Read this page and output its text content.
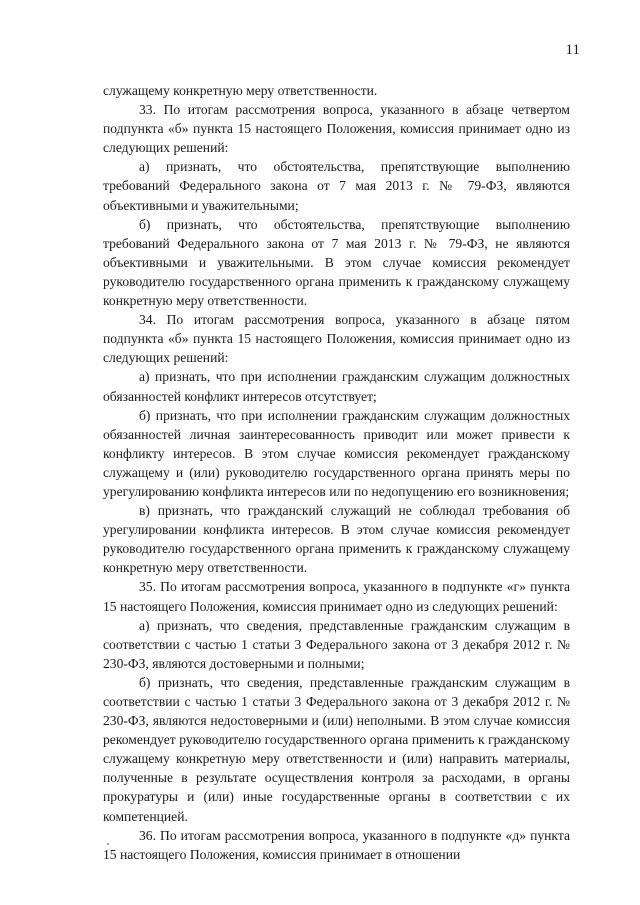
11

служащему конкретную меру ответственности.

33. По итогам рассмотрения вопроса, указанного в абзаце четвертом подпункта «б» пункта 15 настоящего Положения, комиссия принимает одно из следующих решений:

а) признать, что обстоятельства, препятствующие выполнению требований Федерального закона от 7 мая 2013 г. № 79-ФЗ, являются объективными и уважительными;

б) признать, что обстоятельства, препятствующие выполнению требований Федерального закона от 7 мая 2013 г. № 79-ФЗ, не являются объективными и уважительными. В этом случае комиссия рекомендует руководителю государственного органа применить к гражданскому служащему конкретную меру ответственности.

34. По итогам рассмотрения вопроса, указанного в абзаце пятом подпункта «б» пункта 15 настоящего Положения, комиссия принимает одно из следующих решений:

а) признать, что при исполнении гражданским служащим должностных обязанностей конфликт интересов отсутствует;

б) признать, что при исполнении гражданским служащим должностных обязанностей личная заинтересованность приводит или может привести к конфликту интересов. В этом случае комиссия рекомендует гражданскому служащему и (или) руководителю государственного органа принять меры по урегулированию конфликта интересов или по недопущению его возникновения;

в) признать, что гражданский служащий не соблюдал требования об урегулировании конфликта интересов. В этом случае комиссия рекомендует руководителю государственного органа применить к гражданскому служащему конкретную меру ответственности.

35. По итогам рассмотрения вопроса, указанного в подпункте «г» пункта 15 настоящего Положения, комиссия принимает одно из следующих решений:

а) признать, что сведения, представленные гражданским служащим в соответствии с частью 1 статьи 3 Федерального закона от 3 декабря 2012 г. № 230-ФЗ, являются достоверными и полными;

б) признать, что сведения, представленные гражданским служащим в соответствии с частью 1 статьи 3 Федерального закона от 3 декабря 2012 г. № 230-ФЗ, являются недостоверными и (или) неполными. В этом случае комиссия рекомендует руководителю государственного органа применить к гражданскому служащему конкретную меру ответственности и (или) направить материалы, полученные в результате осуществления контроля за расходами, в органы прокуратуры и (или) иные государственные органы в соответствии с их компетенцией.

36. По итогам рассмотрения вопроса, указанного в подпункте «д» пункта 15 настоящего Положения, комиссия принимает в отношении
